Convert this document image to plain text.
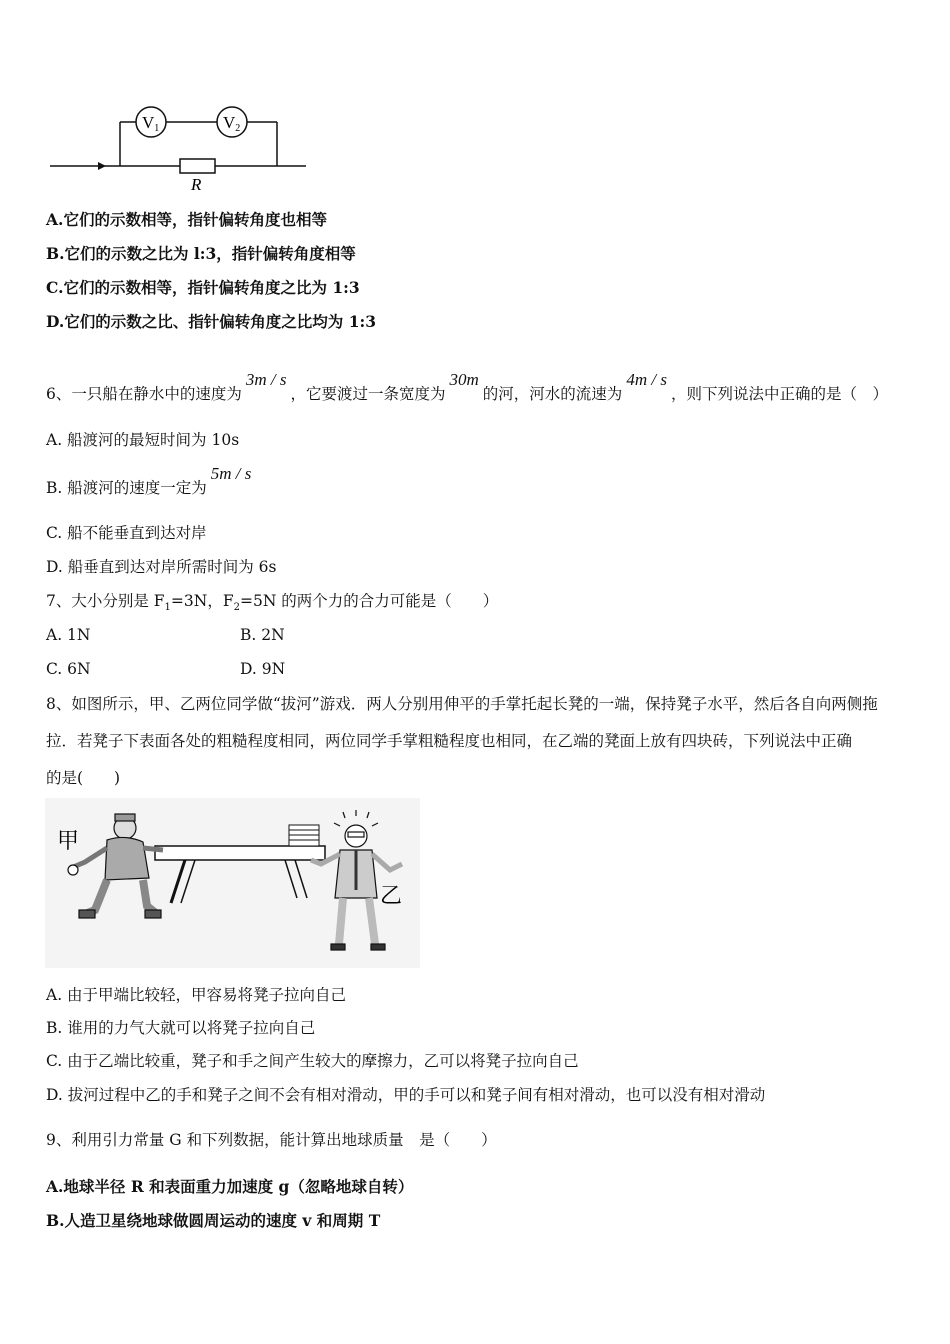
V1	V2
R
A.它们的示数相等，指针偏转角度也相等
B.它们的示数之比为 l:3，指针偏转角度相等
C.它们的示数相等，指针偏转角度之比为 1:3
D.它们的示数之比、指针偏转角度之比均为 1:3
6、一只船在静水中的速度为3m / s，它要渡过一条宽度为30m的河，河水的流速为4m / s，则下列说法中正确的是（　）
A. 船渡河的最短时间为 10s
B. 船渡河的速度一定为5m / s
C. 船不能垂直到达对岸
D. 船垂直到达对岸所需时间为 6s
7、大小分别是 $F_1=3N$，$F_2=5N$ 的两个力的合力可能是（　　）
A. 1N	B. 2N
C. 6N	D. 9N
8、如图所示，甲、乙两位同学做“拔河”游戏．两人分别用伸平的手掌托起长凳的一端，保持凳子水平，然后各自向两侧拖
拉．若凳子下表面各处的粗糙程度相同，两位同学手掌粗糙程度也相同，在乙端的凳面上放有四块砖，下列说法中正确
的是(　　)
甲
乙
A. 由于甲端比较轻，甲容易将凳子拉向自己
B. 谁用的力气大就可以将凳子拉向自己
C. 由于乙端比较重，凳子和手之间产生较大的摩擦力，乙可以将凳子拉向自己
D. 拔河过程中乙的手和凳子之间不会有相对滑动，甲的手可以和凳子间有相对滑动，也可以没有相对滑动
9、利用引力常量 G 和下列数据，能计算出地球质量　是（　　）
A.地球半径 R 和表面重力加速度 g（忽略地球自转）
B.人造卫星绕地球做圆周运动的速度 v 和周期 T
